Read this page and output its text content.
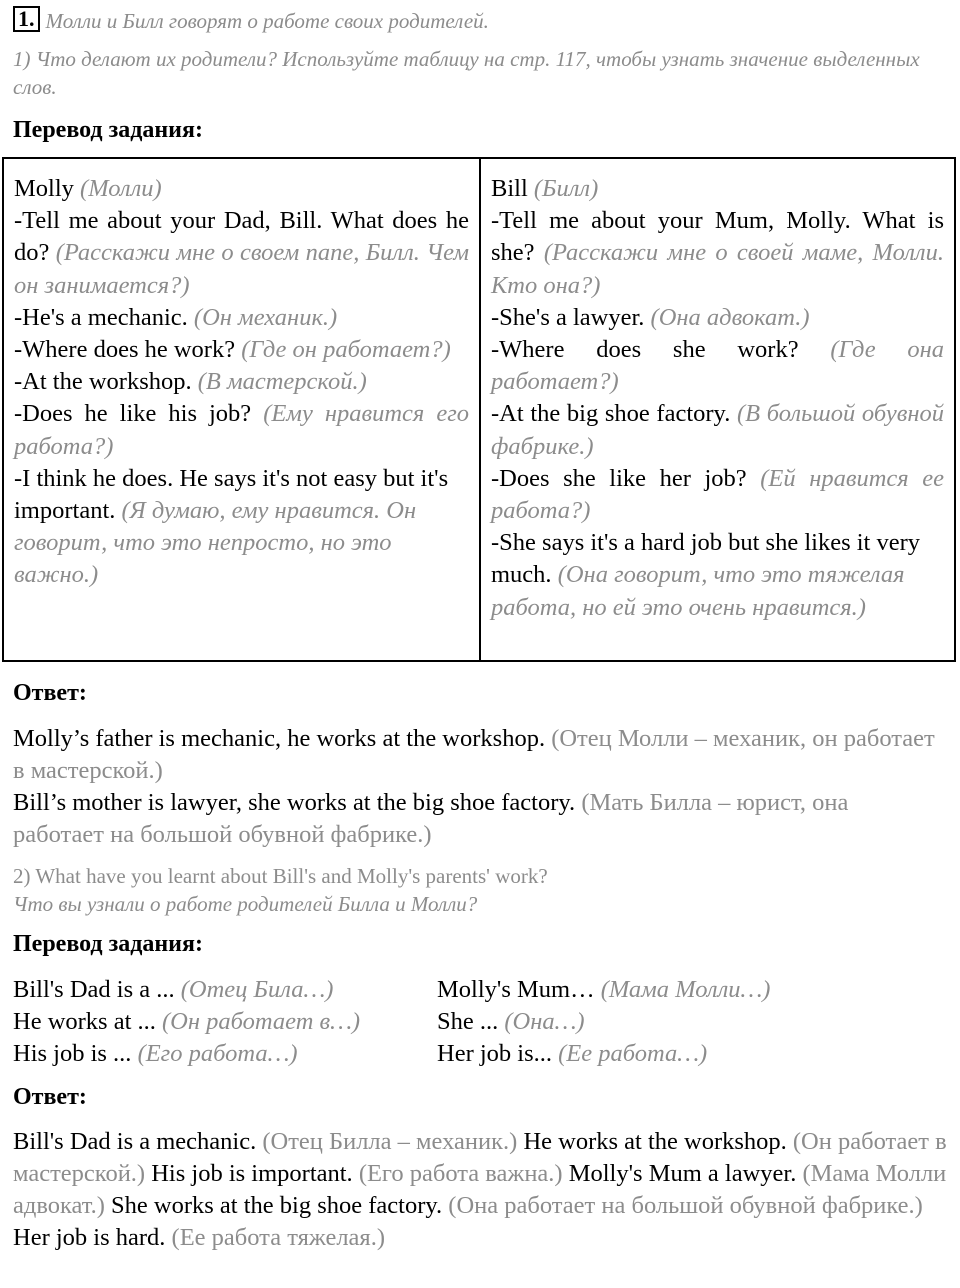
1. Молли и Билл говорят о работе своих родителей.
1) Что делают их родители? Используйте таблицу на стр. 117, чтобы узнать значение выделенных слов.
Перевод задания:

Molly (Молли)

-Tell me about your Dad, Bill. What does he do? (Расскажи мне о своем папе, Билл. Чем он занимается?)

-He's a mechanic. (Он механик.)

-Where does he work? (Где он работает?)

-At the workshop. (В мастерской.)

-Does he like his job? (Ему нравится его работа?)

-I think he does. He says it's not easy but it's important. (Я думаю, ему нравится. Он говорит, что это непросто, но это важно.)

Bill (Билл)

-Tell me about your Mum, Molly. What is she? (Расскажи мне о своей маме, Молли. Кто она?)

-She's a lawyer. (Она адвокат.)

-Where does she work? (Где она работает?)

-At the big shoe factory. (В большой обувной фабрике.)

-Does she like her job? (Ей нравится ее работа?)

-She says it's a hard job but she likes it very much. (Она говорит, что это тяжелая работа, но ей это очень нравится.)

Ответ:
Molly’s father is mechanic, he works at the workshop. (Отец Молли – механик, он работает в мастерской.)
Bill’s mother is lawyer, she works at the big shoe factory. (Мать Билла – юрист, она работает на большой обувной фабрике.)
2) What have you learnt about Bill's and Molly's parents' work?
Что вы узнали о работе родителей Билла и Молли?
Перевод задания:
Bill's Dad is a ... (Отец Била…)	Molly's Mum… (Мама Молли…)
He works at ... (Он работает в…)	She ... (Она…)
His job is ... (Его работа…)	Her job is... (Ее работа…)
Ответ:
Bill's Dad is a mechanic. (Отец Билла – механик.) He works at the workshop. (Он работает в мастерской.) His job is important. (Его работа важна.) Molly's Mum a lawyer. (Мама Молли адвокат.) She works at the big shoe factory. (Она работает на большой обувной фабрике.) Her job is hard. (Ее работа тяжелая.)
